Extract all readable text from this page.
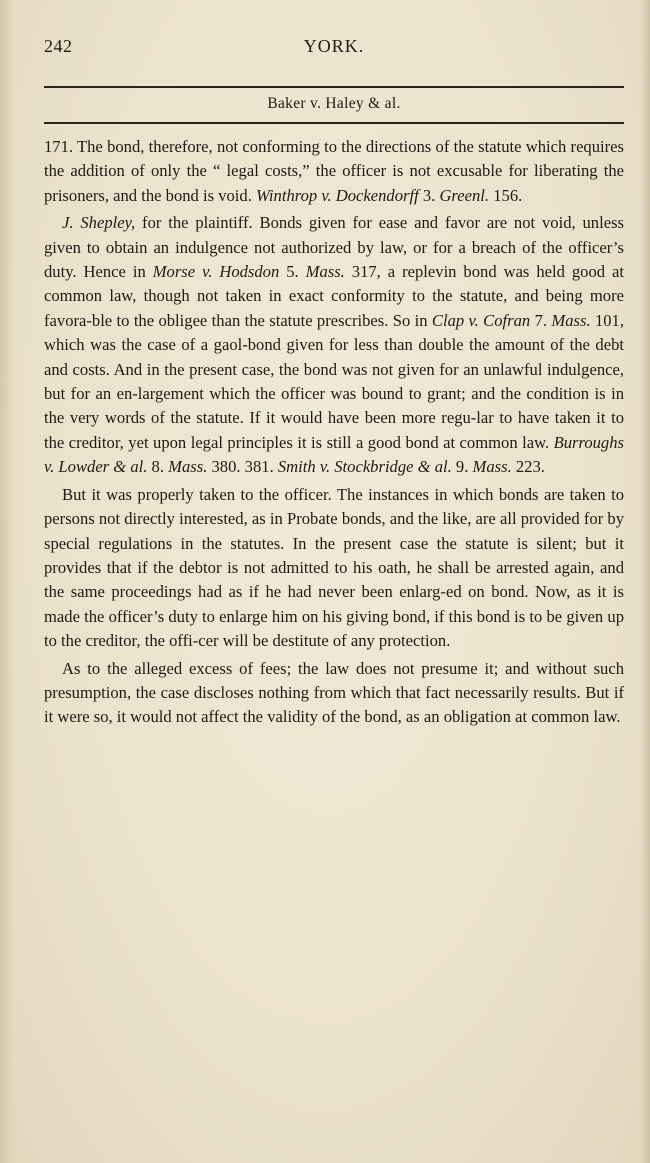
242	YORK.
Baker v. Haley & al.

171. The bond, therefore, not conforming to the directions of the statute which requires the addition of only the “ legal costs,” the officer is not excusable for liberating the prisoners, and the bond is void. Winthrop v. Dockendorff 3. Greenl. 156.

J. Shepley, for the plaintiff. Bonds given for ease and favor are not void, unless given to obtain an indulgence not authorized by law, or for a breach of the officer’s duty. Hence in Morse v. Hodsdon 5. Mass. 317, a replevin bond was held good at common law, though not taken in exact conformity to the statute, and being more favora-ble to the obligee than the statute prescribes. So in Clap v. Cofran 7. Mass. 101, which was the case of a gaol-bond given for less than double the amount of the debt and costs. And in the present case, the bond was not given for an unlawful indulgence, but for an en-largement which the officer was bound to grant; and the condition is in the very words of the statute. If it would have been more regu-lar to have taken it to the creditor, yet upon legal principles it is still a good bond at common law. Burroughs v. Lowder & al. 8. Mass. 380. 381. Smith v. Stockbridge & al. 9. Mass. 223.

But it was properly taken to the officer. The instances in which bonds are taken to persons not directly interested, as in Probate bonds, and the like, are all provided for by special regulations in the statutes. In the present case the statute is silent; but it provides that if the debtor is not admitted to his oath, he shall be arrested again, and the same proceedings had as if he had never been enlarg-ed on bond. Now, as it is made the officer’s duty to enlarge him on his giving bond, if this bond is to be given up to the creditor, the offi-cer will be destitute of any protection.

As to the alleged excess of fees; the law does not presume it; and without such presumption, the case discloses nothing from which that fact necessarily results. But if it were so, it would not affect the validity of the bond, as an obligation at common law.
